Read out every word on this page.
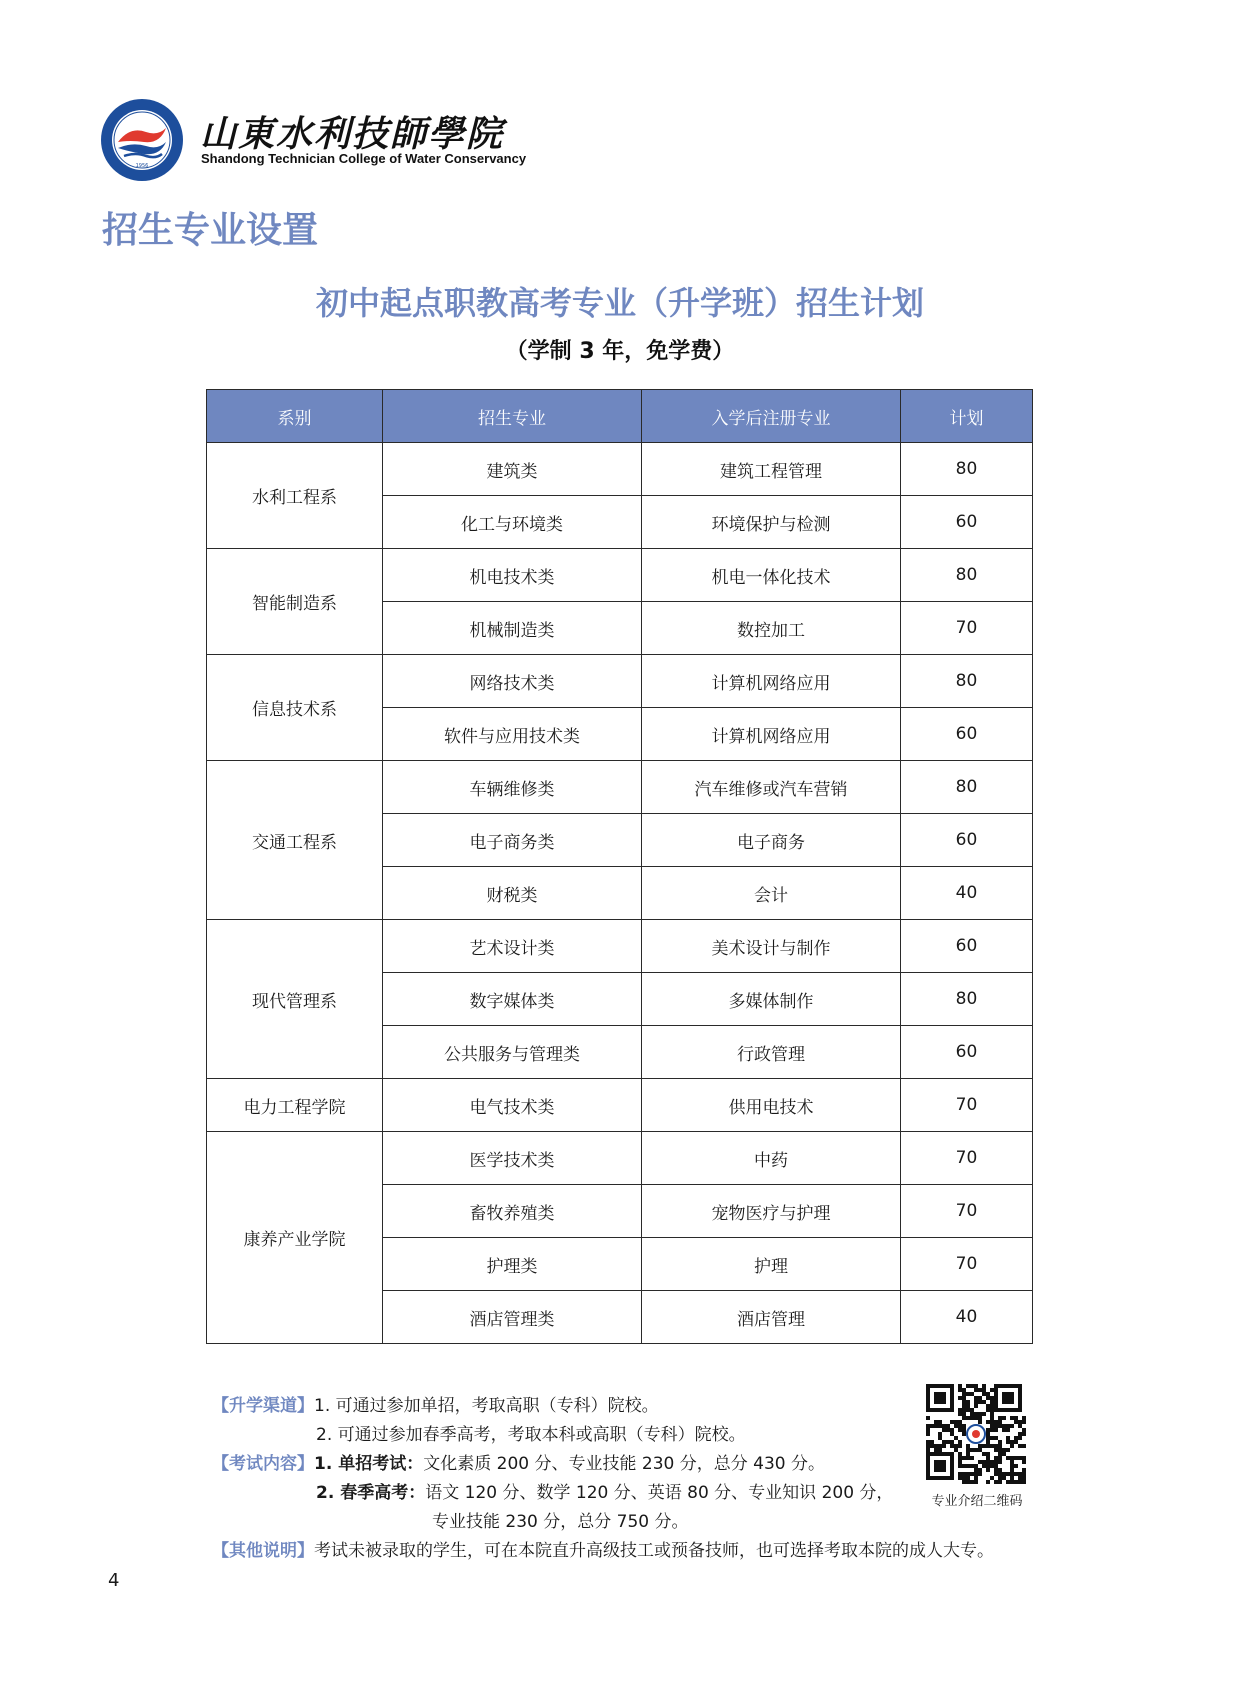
1956
山東水利技師學院
Shandong Technician College of Water Conservancy
招生专业设置
初中起点职教高考专业（升学班）招生计划
（学制 3 年，免学费）
系别	招生专业	入学后注册专业	计划
水利工程系	建筑类	建筑工程管理	80
	化工与环境类	环境保护与检测	60
智能制造系	机电技术类	机电一体化技术	80
	机械制造类	数控加工	70
信息技术系	网络技术类	计算机网络应用	80
	软件与应用技术类	计算机网络应用	60
交通工程系	车辆维修类	汽车维修或汽车营销	80
	电子商务类	电子商务	60
	财税类	会计	40
现代管理系	艺术设计类	美术设计与制作	60
	数字媒体类	多媒体制作	80
	公共服务与管理类	行政管理	60
电力工程学院	电气技术类	供用电技术	70
康养产业学院	医学技术类	中药	70
	畜牧养殖类	宠物医疗与护理	70
	护理类	护理	70
	酒店管理类	酒店管理	40
【升学渠道】1. 可通过参加单招，考取高职（专科）院校。
2. 可通过参加春季高考，考取本科或高职（专科）院校。
【考试内容】1. 单招考试：文化素质 200 分、专业技能 230 分，总分 430 分。
2. 春季高考：语文 120 分、数学 120 分、英语 80 分、专业知识 200 分，
专业技能 230 分，总分 750 分。
【其他说明】考试未被录取的学生，可在本院直升高级技工或预备技师，也可选择考取本院的成人大专。
专业介绍二维码
4
